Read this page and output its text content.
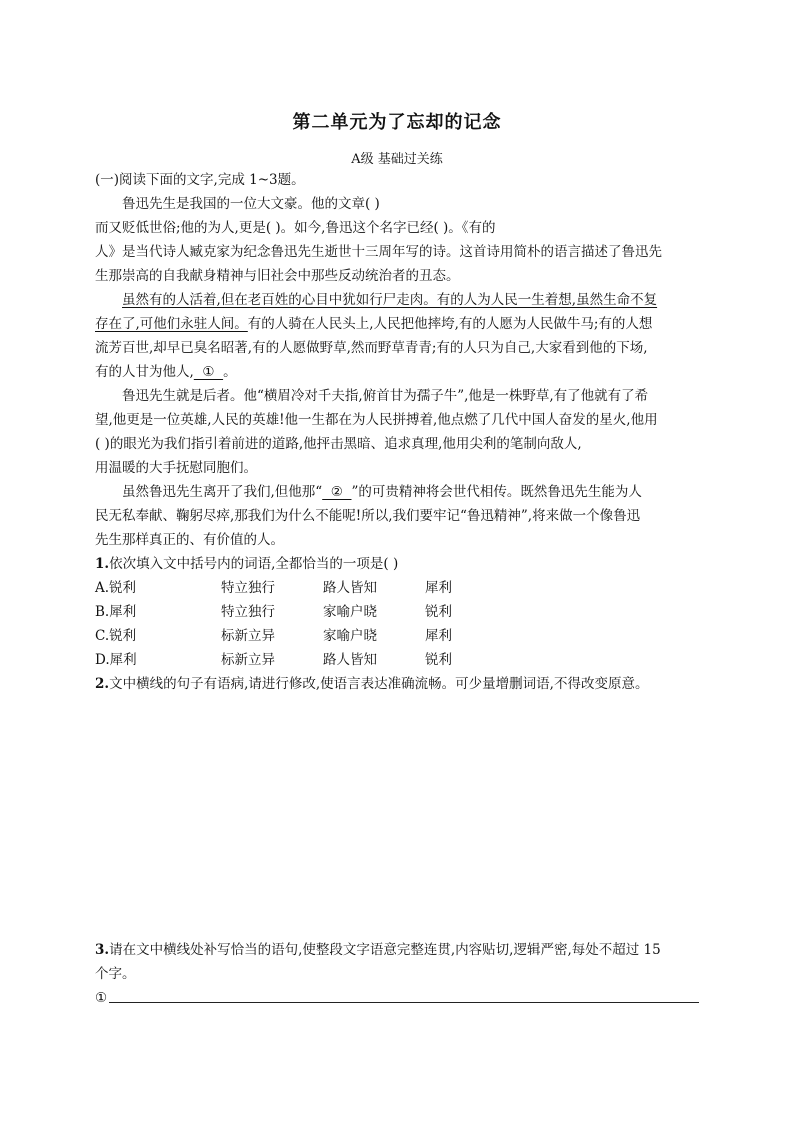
第二单元为了忘却的记念
A级 基础过关练
(一)阅读下面的文字,完成 1~3题。
鲁迅先生是我国的一位大文豪。他的文章( )
而又贬低世俗;他的为人,更是( )。如今,鲁迅这个名字已经( )。《有的
人》是当代诗人臧克家为纪念鲁迅先生逝世十三周年写的诗。这首诗用简朴的语言描述了鲁迅先
生那崇高的自我献身精神与旧社会中那些反动统治者的丑态。
虽然有的人活着,但在老百姓的心目中犹如行尸走肉。有的人为人民一生着想,虽然生命不复
存在了,可他们永驻人间。有的人骑在人民头上,人民把他摔垮,有的人愿为人民做牛马;有的人想
流芳百世,却早已臭名昭著,有的人愿做野草,然而野草青青;有的人只为自己,大家看到他的下场,
有的人甘为他人,  ①  。
鲁迅先生就是后者。他“横眉冷对千夫指,俯首甘为孺子牛”,他是一株野草,有了他就有了希
望,他更是一位英雄,人民的英雄!他一生都在为人民拼搏着,他点燃了几代中国人奋发的星火,他用
( )的眼光为我们指引着前进的道路,他抨击黑暗、追求真理,他用尖利的笔制向敌人,
用温暖的大手抚慰同胞们。
虽然鲁迅先生离开了我们,但他那“  ②  ”的可贵精神将会世代相传。既然鲁迅先生能为人
民无私奉献、鞠躬尽瘁,那我们为什么不能呢!所以,我们要牢记“鲁迅精神”,将来做一个像鲁迅
先生那样真正的、有价值的人。
1.依次填入文中括号内的词语,全都恰当的一项是( )
A.锐利	特立独行	路人皆知	犀利
B.犀利	特立独行	家喻户晓	锐利
C.锐利	标新立异	家喻户晓	犀利
D.犀利	标新立异	路人皆知	锐利
2.文中横线的句子有语病,请进行修改,使语言表达准确流畅。可少量增删词语,不得改变原意。
3.请在文中横线处补写恰当的语句,使整段文字语意完整连贯,内容贴切,逻辑严密,每处不超过 15
个字。
①
